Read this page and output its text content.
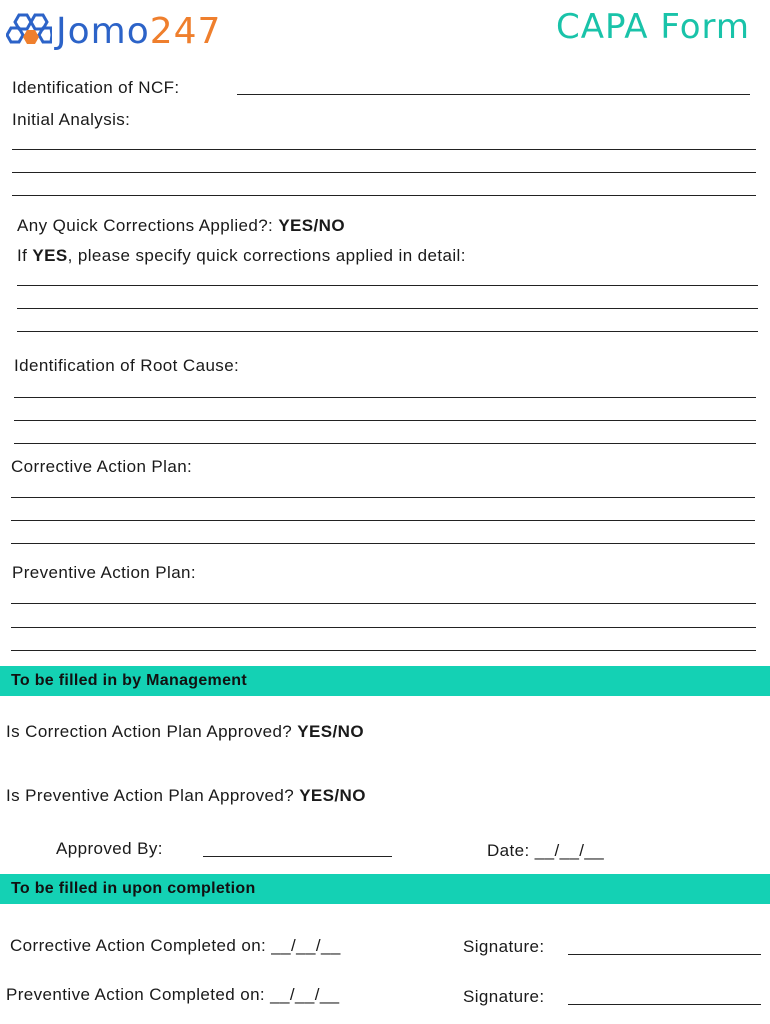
Jomo247	CAPA Form
Identification of NCF:
Initial Analysis:
Any Quick Corrections Applied?: YES/NO
If YES, please specify quick corrections applied in detail:
Identification of Root Cause:
Corrective Action Plan:
Preventive Action Plan:
To be filled in by Management
Is Correction Action Plan Approved? YES/NO
Is Preventive Action Plan Approved? YES/NO
Approved By:	Date: __/__/__
To be filled in upon completion
Corrective Action Completed on: __/__/__	Signature:
Preventive Action Completed on: __/__/__	Signature:
